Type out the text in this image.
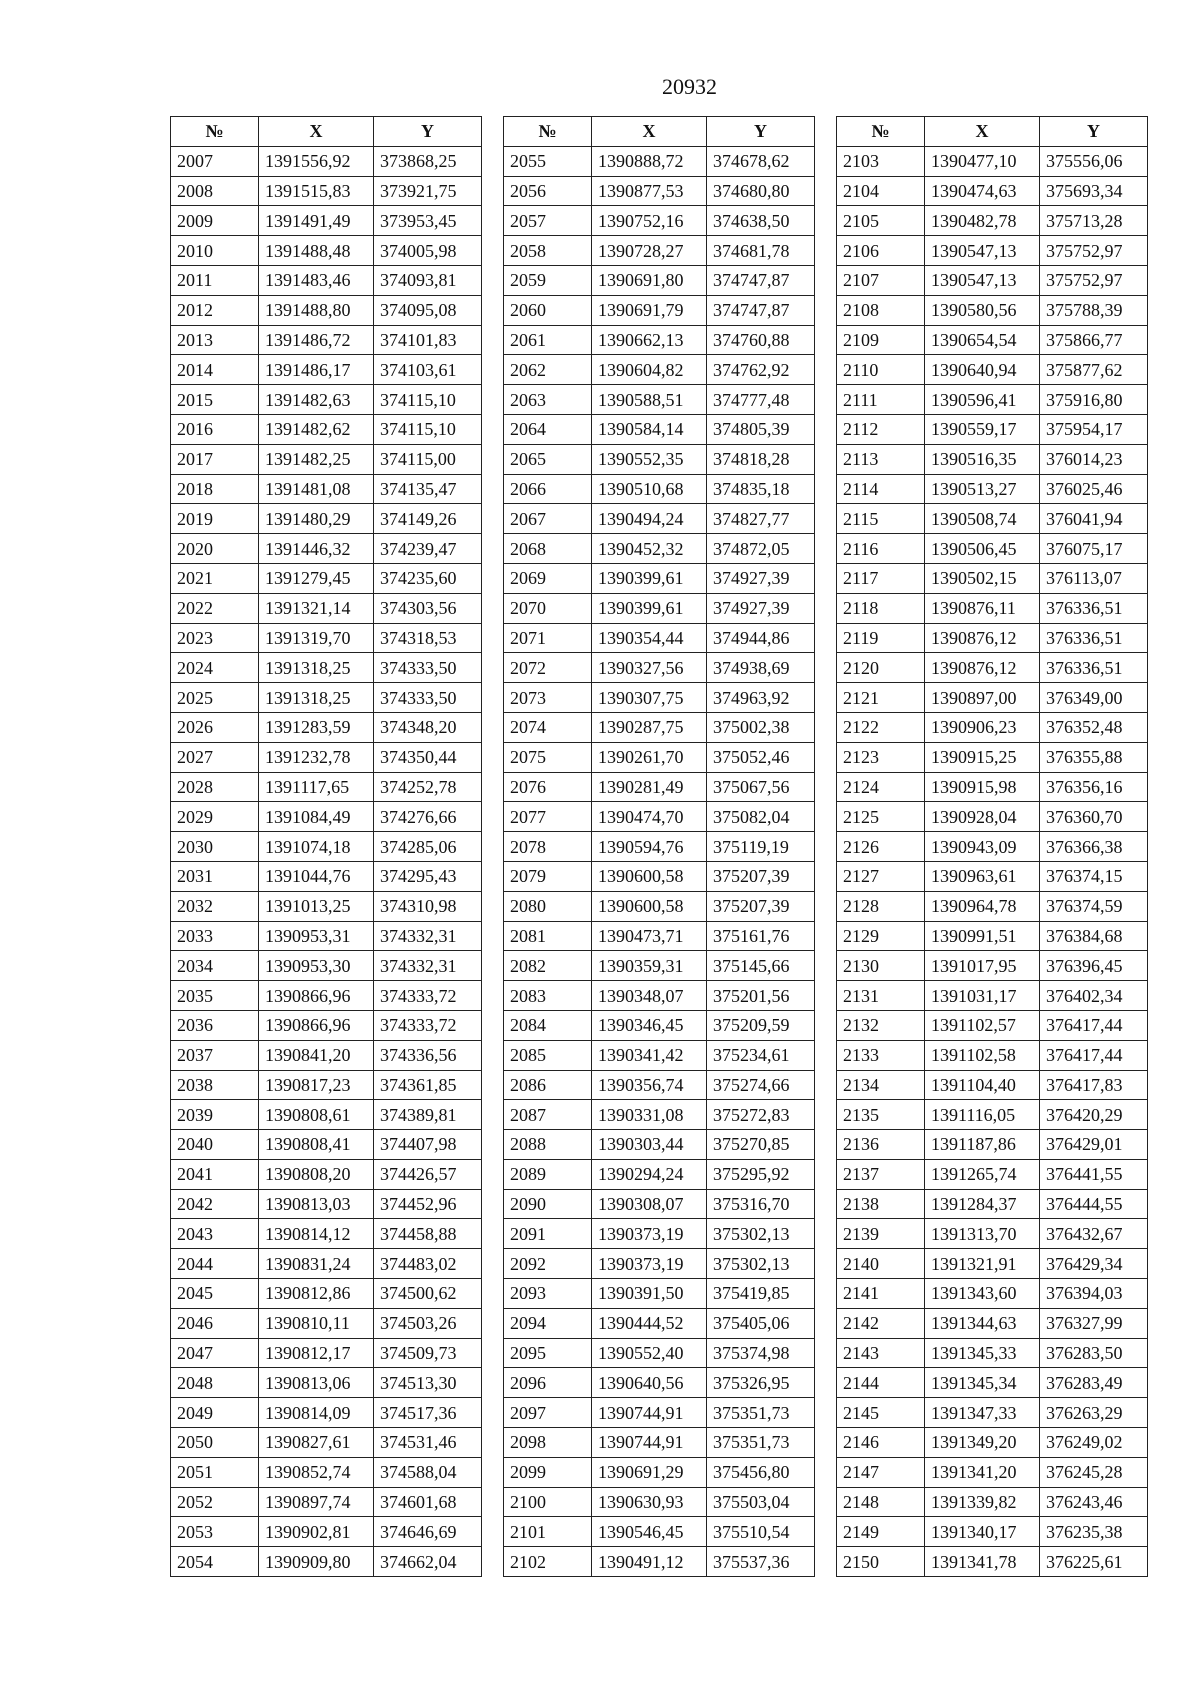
20932
№	X	Y
2007	1391556,92	373868,25
2008	1391515,83	373921,75
2009	1391491,49	373953,45
2010	1391488,48	374005,98
2011	1391483,46	374093,81
2012	1391488,80	374095,08
2013	1391486,72	374101,83
2014	1391486,17	374103,61
2015	1391482,63	374115,10
2016	1391482,62	374115,10
2017	1391482,25	374115,00
2018	1391481,08	374135,47
2019	1391480,29	374149,26
2020	1391446,32	374239,47
2021	1391279,45	374235,60
2022	1391321,14	374303,56
2023	1391319,70	374318,53
2024	1391318,25	374333,50
2025	1391318,25	374333,50
2026	1391283,59	374348,20
2027	1391232,78	374350,44
2028	1391117,65	374252,78
2029	1391084,49	374276,66
2030	1391074,18	374285,06
2031	1391044,76	374295,43
2032	1391013,25	374310,98
2033	1390953,31	374332,31
2034	1390953,30	374332,31
2035	1390866,96	374333,72
2036	1390866,96	374333,72
2037	1390841,20	374336,56
2038	1390817,23	374361,85
2039	1390808,61	374389,81
2040	1390808,41	374407,98
2041	1390808,20	374426,57
2042	1390813,03	374452,96
2043	1390814,12	374458,88
2044	1390831,24	374483,02
2045	1390812,86	374500,62
2046	1390810,11	374503,26
2047	1390812,17	374509,73
2048	1390813,06	374513,30
2049	1390814,09	374517,36
2050	1390827,61	374531,46
2051	1390852,74	374588,04
2052	1390897,74	374601,68
2053	1390902,81	374646,69
2054	1390909,80	374662,04
№	X	Y
2055	1390888,72	374678,62
2056	1390877,53	374680,80
2057	1390752,16	374638,50
2058	1390728,27	374681,78
2059	1390691,80	374747,87
2060	1390691,79	374747,87
2061	1390662,13	374760,88
2062	1390604,82	374762,92
2063	1390588,51	374777,48
2064	1390584,14	374805,39
2065	1390552,35	374818,28
2066	1390510,68	374835,18
2067	1390494,24	374827,77
2068	1390452,32	374872,05
2069	1390399,61	374927,39
2070	1390399,61	374927,39
2071	1390354,44	374944,86
2072	1390327,56	374938,69
2073	1390307,75	374963,92
2074	1390287,75	375002,38
2075	1390261,70	375052,46
2076	1390281,49	375067,56
2077	1390474,70	375082,04
2078	1390594,76	375119,19
2079	1390600,58	375207,39
2080	1390600,58	375207,39
2081	1390473,71	375161,76
2082	1390359,31	375145,66
2083	1390348,07	375201,56
2084	1390346,45	375209,59
2085	1390341,42	375234,61
2086	1390356,74	375274,66
2087	1390331,08	375272,83
2088	1390303,44	375270,85
2089	1390294,24	375295,92
2090	1390308,07	375316,70
2091	1390373,19	375302,13
2092	1390373,19	375302,13
2093	1390391,50	375419,85
2094	1390444,52	375405,06
2095	1390552,40	375374,98
2096	1390640,56	375326,95
2097	1390744,91	375351,73
2098	1390744,91	375351,73
2099	1390691,29	375456,80
2100	1390630,93	375503,04
2101	1390546,45	375510,54
2102	1390491,12	375537,36
№	X	Y
2103	1390477,10	375556,06
2104	1390474,63	375693,34
2105	1390482,78	375713,28
2106	1390547,13	375752,97
2107	1390547,13	375752,97
2108	1390580,56	375788,39
2109	1390654,54	375866,77
2110	1390640,94	375877,62
2111	1390596,41	375916,80
2112	1390559,17	375954,17
2113	1390516,35	376014,23
2114	1390513,27	376025,46
2115	1390508,74	376041,94
2116	1390506,45	376075,17
2117	1390502,15	376113,07
2118	1390876,11	376336,51
2119	1390876,12	376336,51
2120	1390876,12	376336,51
2121	1390897,00	376349,00
2122	1390906,23	376352,48
2123	1390915,25	376355,88
2124	1390915,98	376356,16
2125	1390928,04	376360,70
2126	1390943,09	376366,38
2127	1390963,61	376374,15
2128	1390964,78	376374,59
2129	1390991,51	376384,68
2130	1391017,95	376396,45
2131	1391031,17	376402,34
2132	1391102,57	376417,44
2133	1391102,58	376417,44
2134	1391104,40	376417,83
2135	1391116,05	376420,29
2136	1391187,86	376429,01
2137	1391265,74	376441,55
2138	1391284,37	376444,55
2139	1391313,70	376432,67
2140	1391321,91	376429,34
2141	1391343,60	376394,03
2142	1391344,63	376327,99
2143	1391345,33	376283,50
2144	1391345,34	376283,49
2145	1391347,33	376263,29
2146	1391349,20	376249,02
2147	1391341,20	376245,28
2148	1391339,82	376243,46
2149	1391340,17	376235,38
2150	1391341,78	376225,61
